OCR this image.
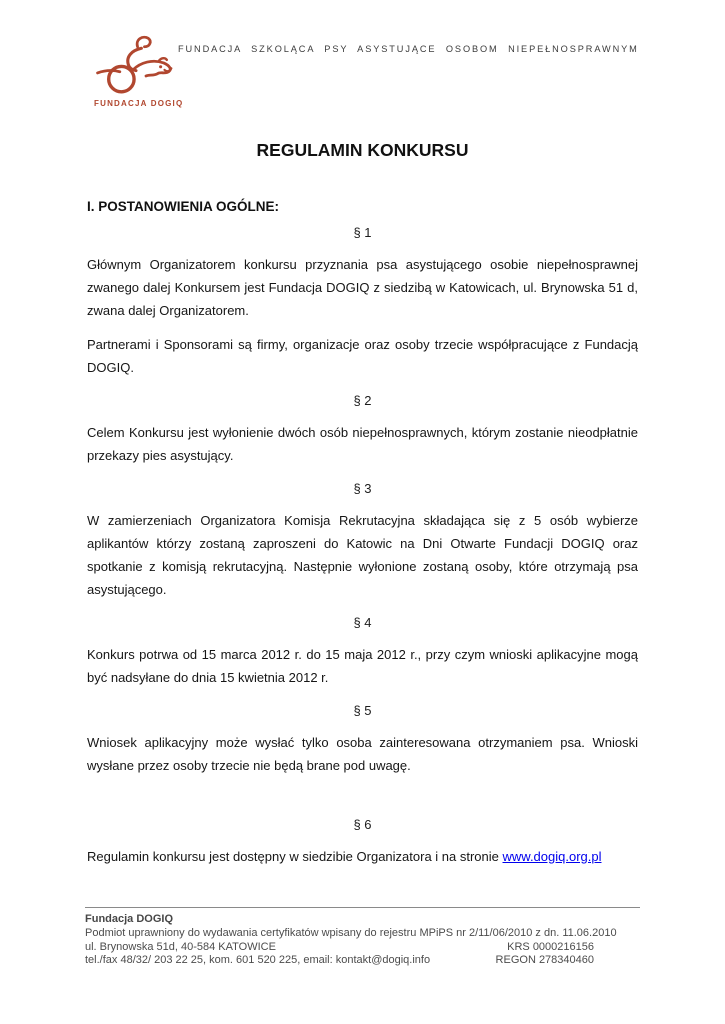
FUNDACJA DOGIQ
FUNDACJA SZKOLĄCA PSY ASYSTUJĄCE OSOBOM NIEPEŁNOSPRAWNYM
REGULAMIN KONKURSU
I. POSTANOWIENIA OGÓLNE:
§ 1

Głównym Organizatorem konkursu przyznania psa asystującego osobie niepełnosprawnej zwanego dalej Konkursem jest Fundacja DOGIQ z siedzibą w Katowicach, ul. Brynowska 51 d, zwana dalej Organizatorem.

Partnerami i Sponsorami są firmy, organizacje oraz osoby trzecie współpracujące z Fundacją DOGIQ.

§ 2

Celem Konkursu jest wyłonienie dwóch osób niepełnosprawnych, którym zostanie nieodpłatnie przekazy pies asystujący.

§ 3

W zamierzeniach Organizatora Komisja Rekrutacyjna składająca się z 5 osób wybierze aplikantów którzy zostaną zaproszeni do Katowic na Dni Otwarte Fundacji DOGIQ oraz spotkanie z komisją rekrutacyjną. Następnie wyłonione zostaną osoby, które otrzymają psa asystującego.

§ 4

Konkurs potrwa od 15 marca 2012 r. do 15 maja 2012 r., przy czym wnioski aplikacyjne mogą być nadsyłane do dnia 15 kwietnia 2012 r.

§ 5

Wniosek aplikacyjny może wysłać tylko osoba zainteresowana otrzymaniem psa. Wnioski wysłane przez osoby trzecie nie będą brane pod uwagę.

§ 6

Regulamin konkursu jest dostępny w siedzibie Organizatora i na stronie www.dogiq.org.pl

Fundacja DOGIQ
Podmiot uprawniony do wydawania certyfikatów wpisany do rejestru MPiPS nr 2/11/06/2010 z dn. 11.06.2010
ul. Brynowska 51d, 40-584 KATOWICE	KRS 0000216156
tel./fax 48/32/ 203 22 25, kom. 601 520 225, email: kontakt@dogiq.info	REGON 278340460
